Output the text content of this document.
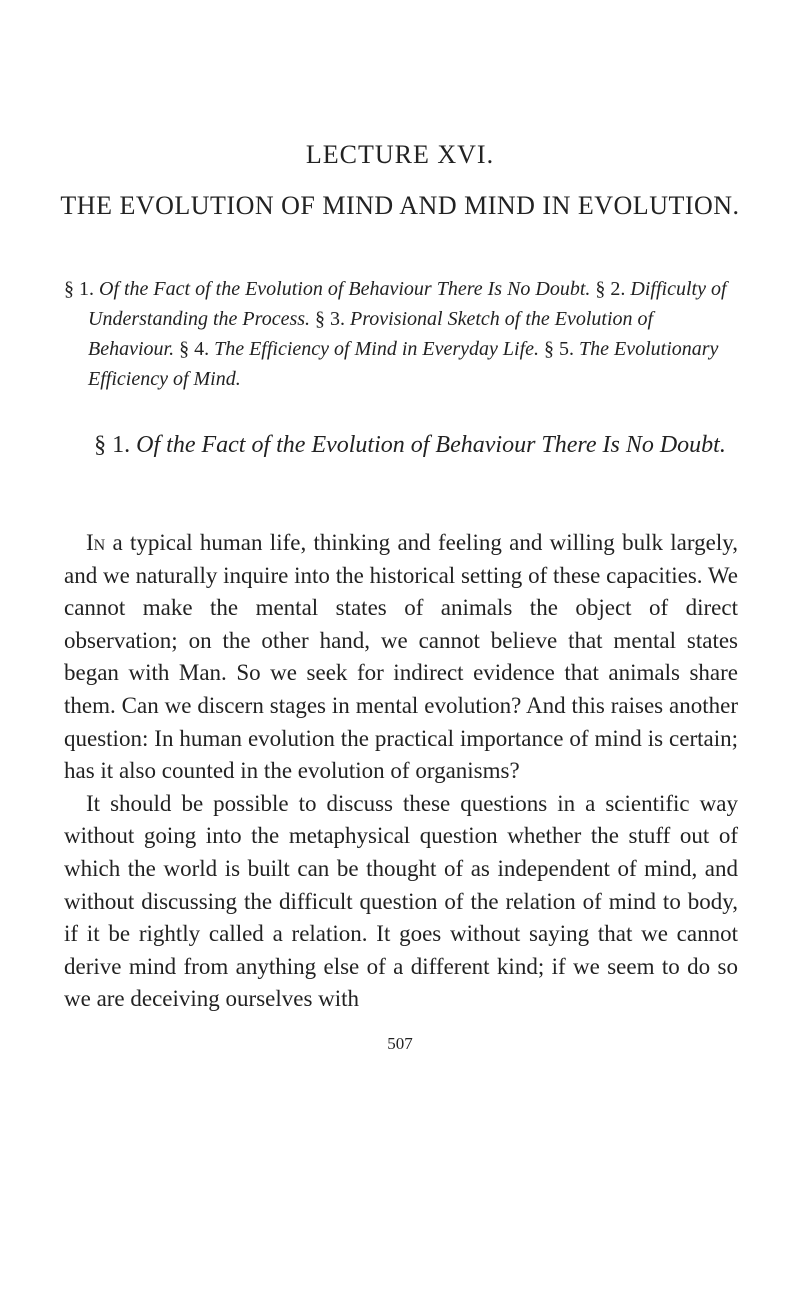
LECTURE XVI.
THE EVOLUTION OF MIND AND MIND IN EVOLUTION.
§ 1. Of the Fact of the Evolution of Behaviour There Is No Doubt. § 2. Difficulty of Understanding the Process. § 3. Provisional Sketch of the Evolution of Behaviour. § 4. The Efficiency of Mind in Everyday Life. § 5. The Evolutionary Efficiency of Mind.
§ 1. Of the Fact of the Evolution of Behaviour There Is No Doubt.

In a typical human life, thinking and feeling and willing bulk largely, and we naturally inquire into the historical setting of these capacities. We cannot make the mental states of animals the object of direct observation; on the other hand, we cannot believe that mental states began with Man. So we seek for indirect evidence that animals share them. Can we discern stages in mental evolution? And this raises another question: In human evolution the practical importance of mind is certain; has it also counted in the evolution of organisms?

It should be possible to discuss these questions in a scientific way without going into the metaphysical question whether the stuff out of which the world is built can be thought of as independent of mind, and without discussing the difficult question of the relation of mind to body, if it be rightly called a relation. It goes without saying that we cannot derive mind from anything else of a different kind; if we seem to do so we are deceiving ourselves with

507
